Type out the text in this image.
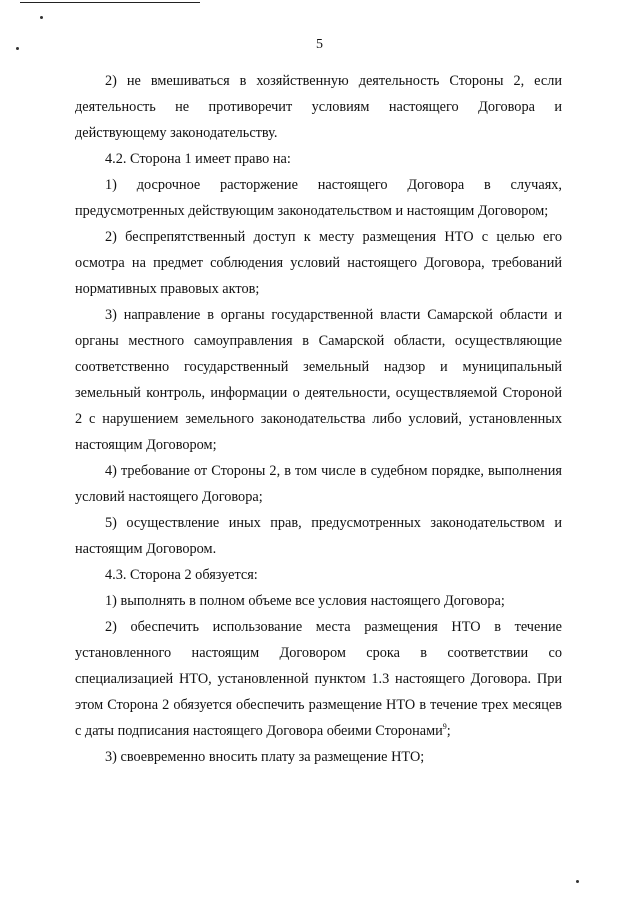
5

2) не вмешиваться в хозяйственную деятельность Стороны 2, если деятельность не противоречит условиям настоящего Договора и действующему законодательству.

4.2. Сторона 1 имеет право на:

1) досрочное расторжение настоящего Договора в случаях, предусмотренных действующим законодательством и настоящим Договором;

2) беспрепятственный доступ к месту размещения НТО с целью его осмотра на предмет соблюдения условий настоящего Договора, требований нормативных правовых актов;

3) направление в органы государственной власти Самарской области и органы местного самоуправления в Самарской области, осуществляющие соответственно государственный земельный надзор и муниципальный земельный контроль, информации о деятельности, осуществляемой Стороной 2 с нарушением земельного законодательства либо условий, установленных настоящим Договором;

4) требование от Стороны 2, в том числе в судебном порядке, выполнения условий настоящего Договора;

5) осуществление иных прав, предусмотренных законодательством и настоящим Договором.

4.3. Сторона 2 обязуется:

1) выполнять в полном объеме все условия настоящего Договора;

2) обеспечить использование места размещения НТО в течение установленного настоящим Договором срока в соответствии со специализацией НТО, установленной пунктом 1.3 настоящего Договора. При этом Сторона 2 обязуется обеспечить размещение НТО в течение трех месяцев с даты подписания настоящего Договора обеими Сторонами$^9$;

3) своевременно вносить плату за размещение НТО;
